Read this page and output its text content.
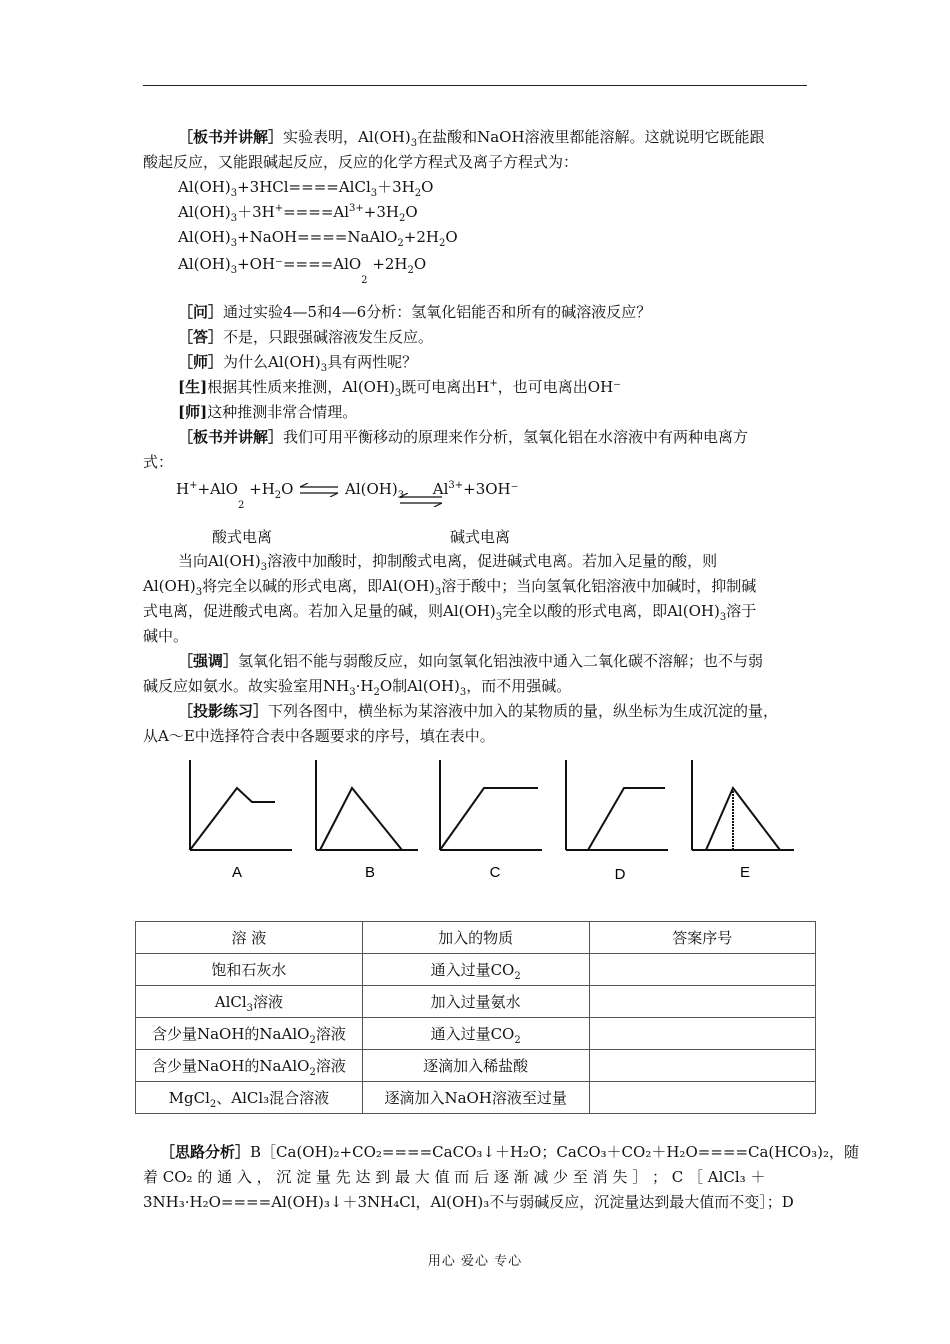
［板书并讲解］实验表明，$Al(OH)_3$在盐酸和NaOH溶液里都能溶解。这就说明它既能跟
酸起反应，又能跟碱起反应，反应的化学方程式及离子方程式为：
$Al(OH)_3+3HCl====AlCl_3+3H_2O$
$Al(OH)_3+3H^+====Al^{3+}+3H_2O$
$Al(OH)_3+NaOH====NaAlO_2+2H_2O$
$Al(OH)_3+OH^-====AlO_2 +2H_2O$
［问］通过实验4—5和4—6分析：氢氧化铝能否和所有的碱溶液反应？
［答］不是，只跟强碱溶液发生反应。
［师］为什么$Al(OH)_3$具有两性呢？
[生]根据其性质来推测，$Al(OH)_3$既可电离出H+，也可电离出OH⁻
[师]这种推测非常合情理。
［板书并讲解］我们可用平衡移动的原理来作分析，氢氧化铝在水溶液中有两种电离方
式：
$H^++AlO_2 +H_2O$ ⇌ $Al(OH)_3$ $Al^{3+}+3OH^-$
酸式电离	碱式电离
当向$Al(OH)_3$溶液中加酸时，抑制酸式电离，促进碱式电离。若加入足量的酸，则
$Al(OH)_3$将完全以碱的形式电离，即$Al(OH)_3$溶于酸中；当向氢氧化铝溶液中加碱时，抑制碱
式电离，促进酸式电离。若加入足量的碱，则$Al(OH)_3$完全以酸的形式电离，即$Al(OH)_3$溶于
碱中。
［强调］氢氧化铝不能与弱酸反应，如向氢氧化铝浊液中通入二氧化碳不溶解；也不与弱
碱反应如氨水。故实验室用$NH_3\cdot H_2O$制$Al(OH)_3$，而不用强碱。
［投影练习］下列各图中，横坐标为某溶液中加入的某物质的量，纵坐标为生成沉淀的量，
从A～E中选择符合表中各题要求的序号，填在表中。
A	B	C	D	E
溶 液	加入的物质	答案序号
饱和石灰水	通入过量$CO_2$	
AlCl$_3$溶液	加入过量氨水	
含少量NaOH的NaAlO$_2$溶液	通入过量$CO_2$	
含少量NaOH的NaAlO$_2$溶液	逐滴加入稀盐酸	
MgCl$_2$、AlCl₃混合溶液	逐滴加入NaOH溶液至过量	
［思路分析］B［Ca(OH)₂+CO₂====CaCO₃↓＋H₂O；CaCO₃＋CO₂＋H₂O====Ca(HCO₃)₂，随
着 CO₂ 的 通 入 ， 沉 淀 量 先 达 到 最 大 值 而 后 逐 渐 减 少 至 消 失 ］ ； C ［ AlCl₃ ＋
3NH₃·H₂O====Al(OH)₃↓＋3NH₄Cl，Al(OH)₃不与弱碱反应，沉淀量达到最大值而不变］；D
用心 爱心 专心
